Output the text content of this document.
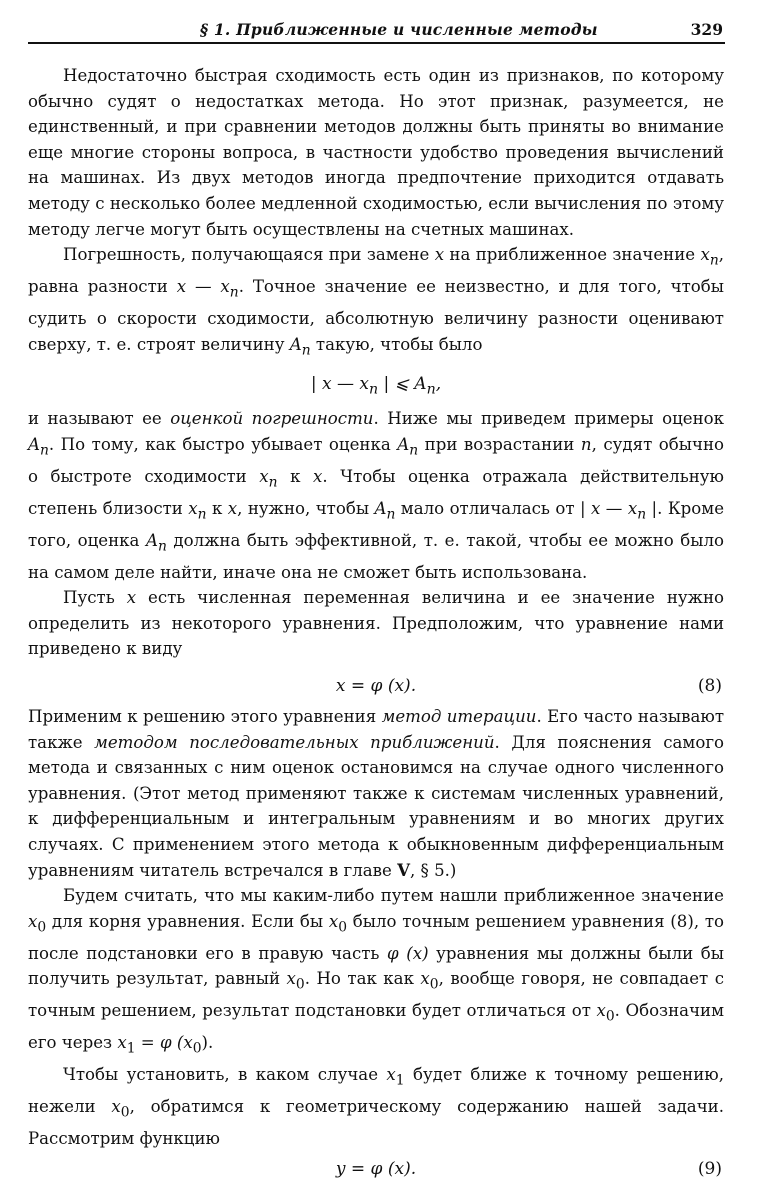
§ 1. Приближенные и численные методы	329

Недостаточно быстрая сходимость есть один из признаков, по которому обычно судят о недостатках метода. Но этот признак, разумеется, не единственный, и при сравнении методов должны быть приняты во внимание еще многие стороны вопроса, в частности удобство проведения вычислений на машинах. Из двух методов иногда предпочтение приходится отдавать методу с несколько более медленной сходимостью, если вычисления по этому методу легче могут быть осуществлены на счетных машинах.

Погрешность, получающаяся при замене x на приближенное значение $x_n$, равна разности x — $x_n$. Точное значение ее неизвестно, и для того, чтобы судить о скорости сходимости, абсолютную величину разности оценивают сверху, т. е. строят величину $A_n$ такую, чтобы было

| x — $x_n$ | ⩽ $A_n$,

и называют ее оценкой погрешности. Ниже мы приведем примеры оценок $A_n$. По тому, как быстро убывает оценка $A_n$ при возрастании n, судят обычно о быстроте сходимости $x_n$ к x. Чтобы оценка отражала действительную степень близости $x_n$ к x, нужно, чтобы $A_n$ мало отличалась от | x — $x_n$ |. Кроме того, оценка $A_n$ должна быть эффективной, т. е. такой, чтобы ее можно было на самом деле найти, иначе она не сможет быть использована.

Пусть x есть численная переменная величина и ее значение нужно определить из некоторого уравнения. Предположим, что уравнение нами приведено к виду

x = φ (x).	(8)

Применим к решению этого уравнения метод итерации. Его часто называют также методом последовательных приближений. Для пояснения самого метода и связанных с ним оценок остановимся на случае одного численного уравнения. (Этот метод применяют также к системам численных уравнений, к дифференциальным и интегральным уравнениям и во многих других случаях. С применением этого метода к обыкновенным дифференциальным уравнениям читатель встречался в главе V, § 5.)

Будем считать, что мы каким-либо путем нашли приближенное значение $x_0$ для корня уравнения. Если бы $x_0$ было точным решением уравнения (8), то после подстановки его в правую часть φ (x) уравнения мы должны были бы получить результат, равный $x_0$. Но так как $x_0$, вообще говоря, не совпадает с точным решением, результат подстановки будет отличаться от $x_0$. Обозначим его через $x_1 = \varphi$ $(x_0)$.

Чтобы установить, в каком случае $x_1$ будет ближе к точному решению, нежели $x_0$, обратимся к геометрическому содержанию нашей задачи. Рассмотрим функцию

y = φ (x).	(9)
